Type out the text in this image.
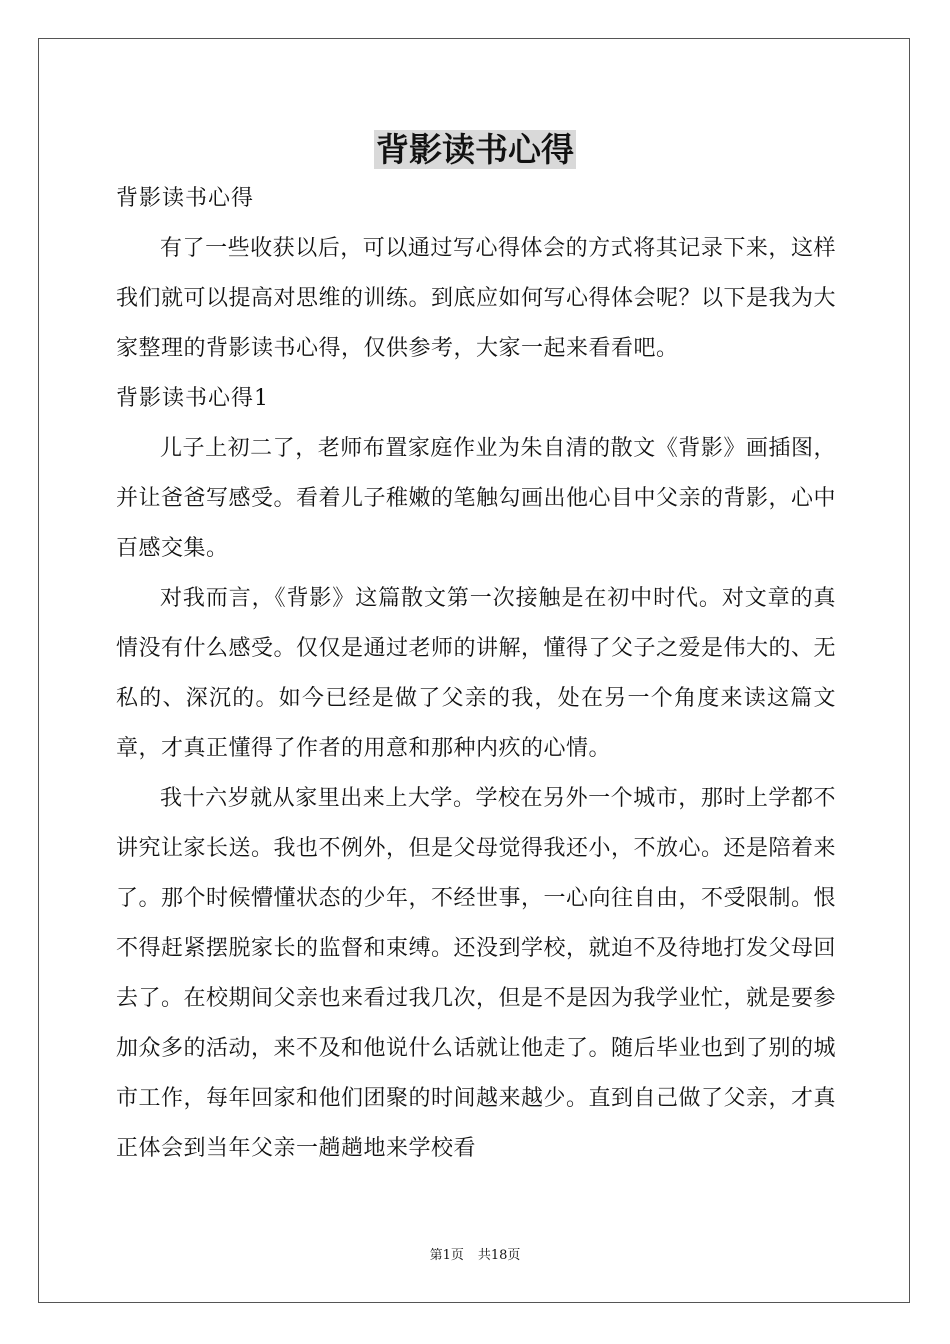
背影读书心得

背影读书心得

有了一些收获以后，可以通过写心得体会的方式将其记录下来，这样我们就可以提高对思维的训练。到底应如何写心得体会呢？以下是我为大家整理的背影读书心得，仅供参考，大家一起来看看吧。

背影读书心得1

儿子上初二了，老师布置家庭作业为朱自清的散文《背影》画插图，并让爸爸写感受。看着儿子稚嫩的笔触勾画出他心目中父亲的背影，心中百感交集。

对我而言，《背影》这篇散文第一次接触是在初中时代。对文章的真情没有什么感受。仅仅是通过老师的讲解，懂得了父子之爱是伟大的、无私的、深沉的。如今已经是做了父亲的我，处在另一个角度来读这篇文章，才真正懂得了作者的用意和那种内疚的心情。

我十六岁就从家里出来上大学。学校在另外一个城市，那时上学都不讲究让家长送。我也不例外，但是父母觉得我还小，不放心。还是陪着来了。那个时候懵懂状态的少年，不经世事，一心向往自由，不受限制。恨不得赶紧摆脱家长的监督和束缚。还没到学校，就迫不及待地打发父母回去了。在校期间父亲也来看过我几次，但是不是因为我学业忙，就是要参加众多的活动，来不及和他说什么话就让他走了。随后毕业也到了别的城市工作，每年回家和他们团聚的时间越来越少。直到自己做了父亲，才真正体会到当年父亲一趟趟地来学校看

第1页 共18页
